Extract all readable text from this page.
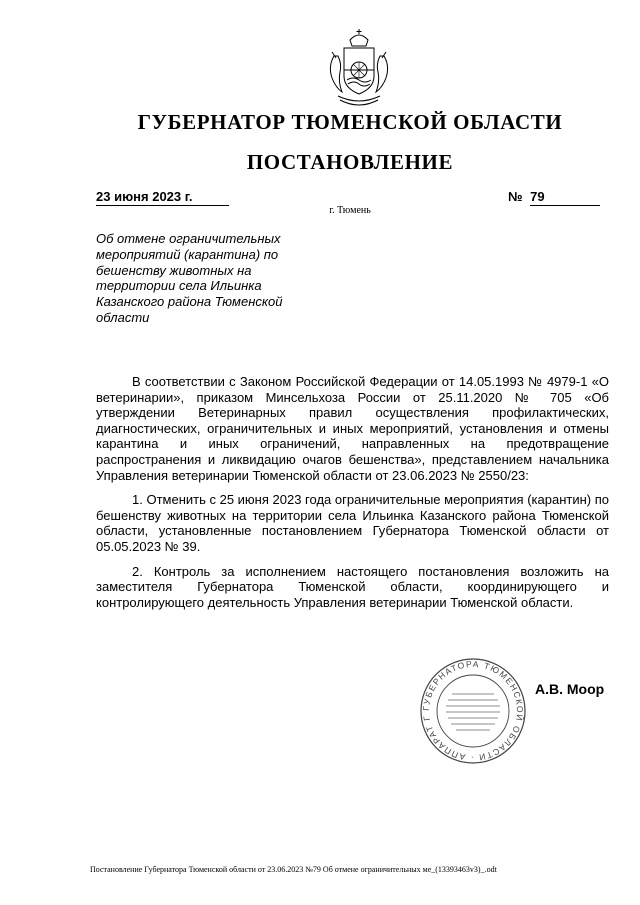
ГУБЕРНАТОР ТЮМЕНСКОЙ ОБЛАСТИ
ПОСТАНОВЛЕНИЕ
23 июня 2023 г.	№ 79
г. Тюмень
Об отмене ограничительных мероприятий (карантина) по бешенству животных на территории села Ильинка Казанского района Тюменской области

В соответствии с Законом Российской Федерации от 14.05.1993 № 4979-1 «О ветеринарии», приказом Минсельхоза России от 25.11.2020 № 705 «Об утверждении Ветеринарных правил осуществления профилактических, диагностических, ограничительных и иных мероприятий, установления и отмены карантина и иных ограничений, направленных на предотвращение распространения и ликвидацию очагов бешенства», представлением начальника Управления ветеринарии Тюменской области от 23.06.2023 № 2550/23:

1. Отменить с 25 июня 2023 года ограничительные мероприятия (карантин) по бешенству животных на территории села Ильинка Казанского района Тюменской области, установленные постановлением Губернатора Тюменской области от 05.05.2023 № 39.

2. Контроль за исполнением настоящего постановления возложить на заместителя Губернатора Тюменской области, координирующего и контролирующего деятельность Управления ветеринарии Тюменской области.

ГУБЕРНАТОРА ТЮМЕНСКОЙ ОБЛАСТИ · АППАРАТ Г
А.В. Моор
Постановление Губернатора Тюменской области от 23.06.2023 №79 Об отмене ограничительных ме_(13393463v3)_.odt
